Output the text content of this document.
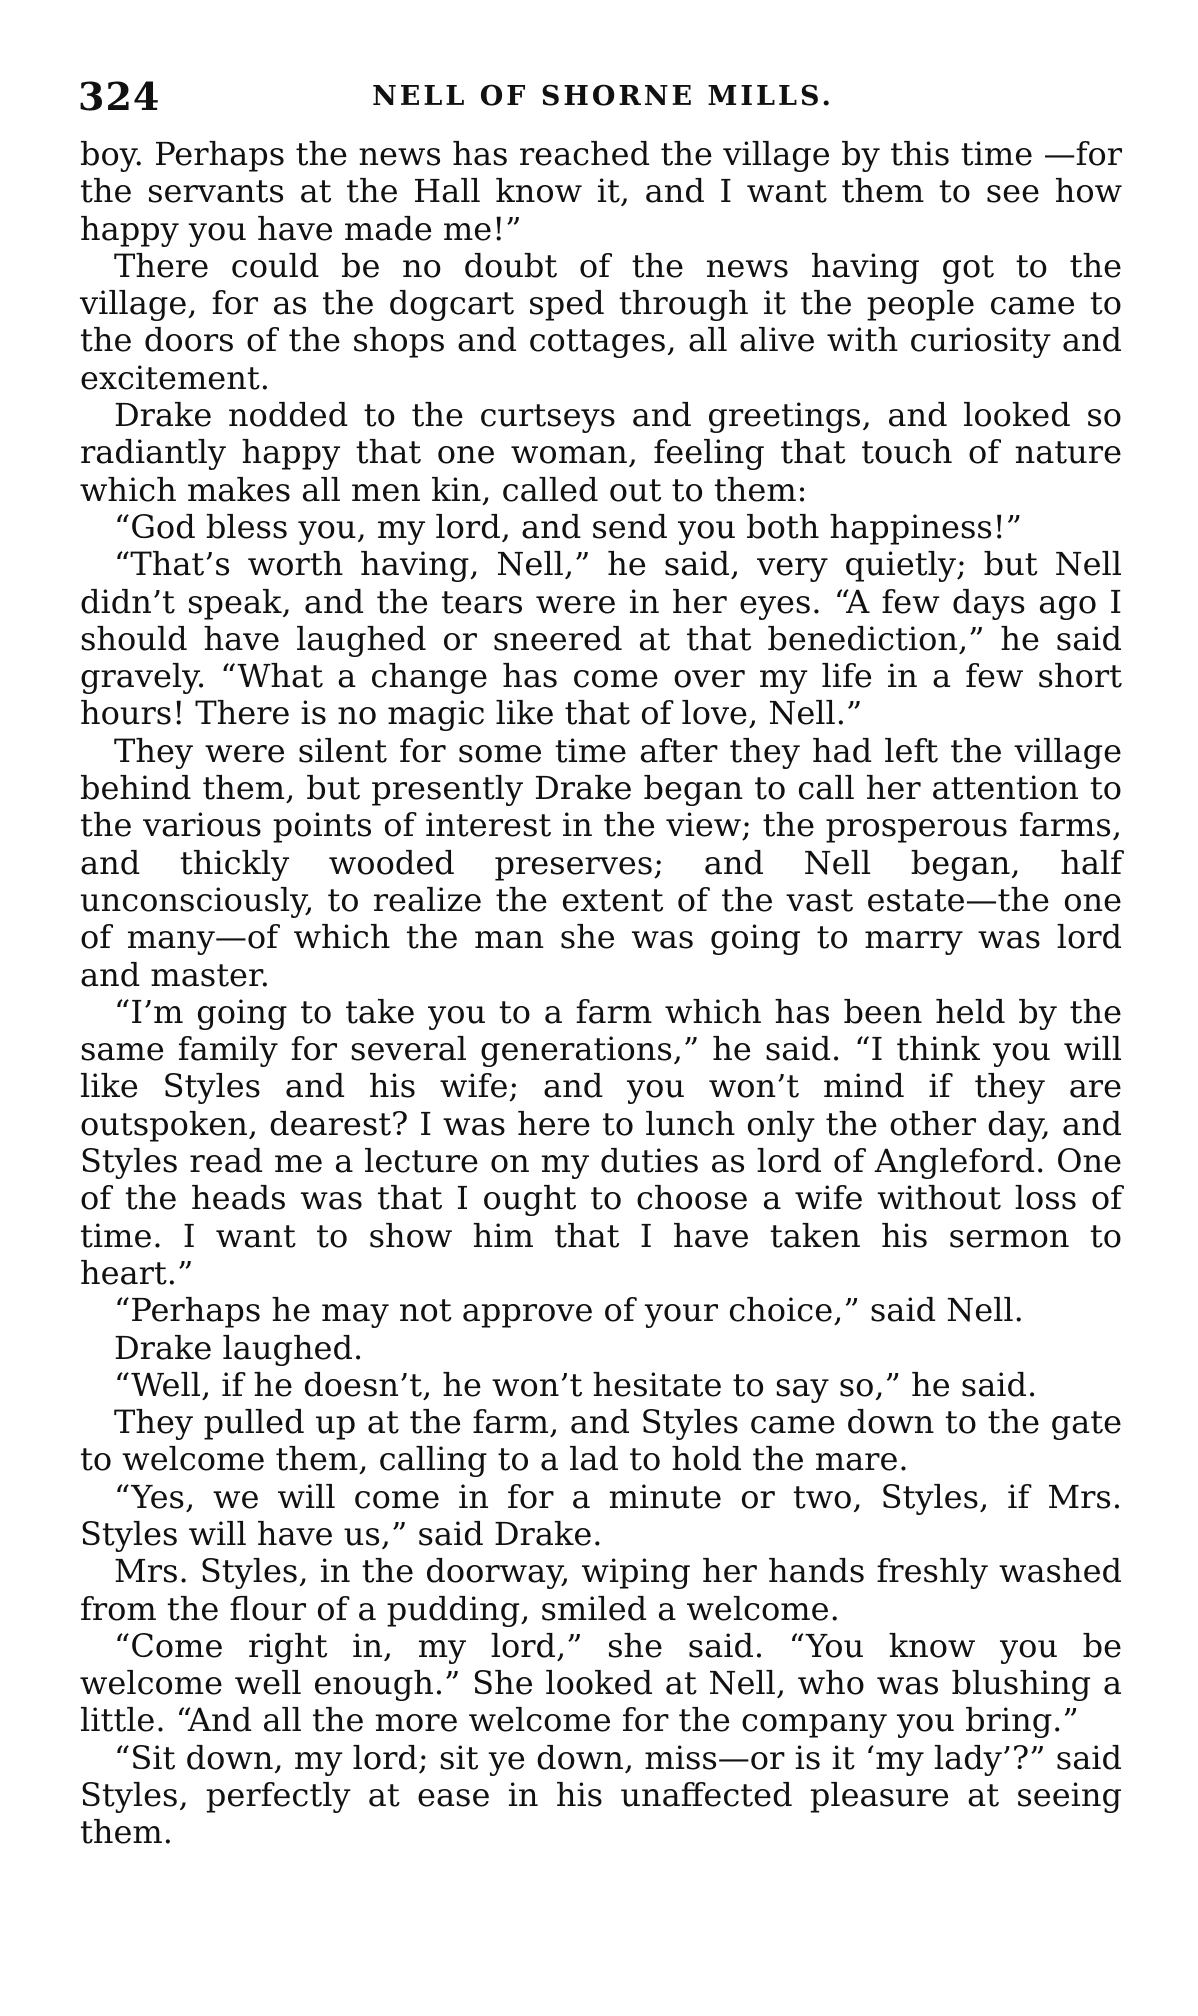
324	NELL OF SHORNE MILLS.

boy. Perhaps the news has reached the village by this time —for the servants at the Hall know it, and I want them to see how happy you have made me!”

There could be no doubt of the news having got to the village, for as the dogcart sped through it the people came to the doors of the shops and cottages, all alive with curiosity and excitement.

Drake nodded to the curtseys and greetings, and looked so radiantly happy that one woman, feeling that touch of nature which makes all men kin, called out to them:

“God bless you, my lord, and send you both happiness!”

“That’s worth having, Nell,” he said, very quietly; but Nell didn’t speak, and the tears were in her eyes. “A few days ago I should have laughed or sneered at that benediction,” he said gravely. “What a change has come over my life in a few short hours! There is no magic like that of love, Nell.”

They were silent for some time after they had left the village behind them, but presently Drake began to call her attention to the various points of interest in the view; the prosperous farms, and thickly wooded preserves; and Nell began, half unconsciously, to realize the extent of the vast estate—the one of many—of which the man she was going to marry was lord and master.

“I’m going to take you to a farm which has been held by the same family for several generations,” he said. “I think you will like Styles and his wife; and you won’t mind if they are outspoken, dearest? I was here to lunch only the other day, and Styles read me a lecture on my duties as lord of Angleford. One of the heads was that I ought to choose a wife without loss of time. I want to show him that I have taken his sermon to heart.”

“Perhaps he may not approve of your choice,” said Nell.

Drake laughed.

“Well, if he doesn’t, he won’t hesitate to say so,” he said.

They pulled up at the farm, and Styles came down to the gate to welcome them, calling to a lad to hold the mare.

“Yes, we will come in for a minute or two, Styles, if Mrs. Styles will have us,” said Drake.

Mrs. Styles, in the doorway, wiping her hands freshly washed from the flour of a pudding, smiled a welcome.

“Come right in, my lord,” she said. “You know you be welcome well enough.” She looked at Nell, who was blushing a little. “And all the more welcome for the company you bring.”

“Sit down, my lord; sit ye down, miss—or is it ‘my lady’?” said Styles, perfectly at ease in his unaffected pleasure at seeing them.
